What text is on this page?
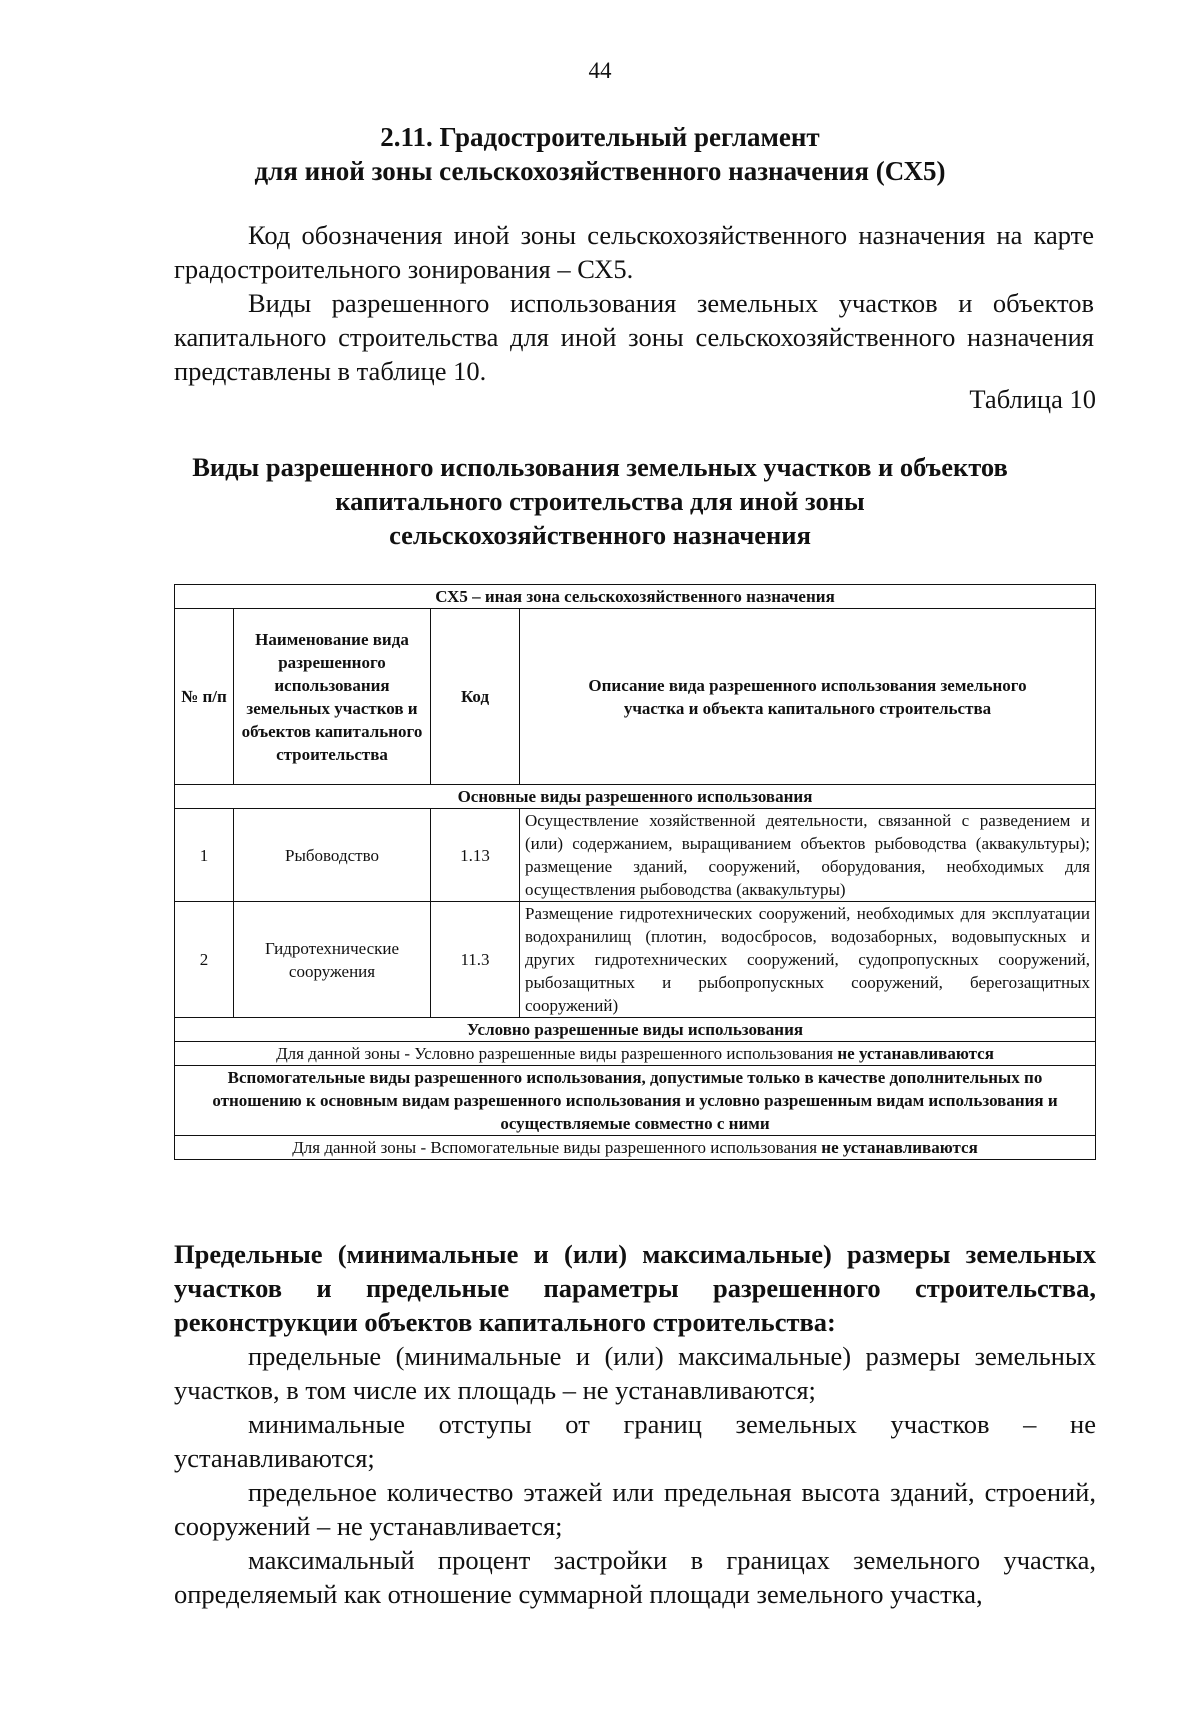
44
2.11. Градостроительный регламент
для иной зоны сельскохозяйственного назначения (СХ5)

Код обозначения иной зоны сельскохозяйственного назначения на карте градостроительного зонирования – СХ5.

Виды разрешенного использования земельных участков и объектов капитального строительства для иной зоны сельскохозяйственного назначения представлены в таблице 10.

Таблица 10
Виды разрешенного использования земельных участков и объектов
капитального строительства для иной зоны
сельскохозяйственного назначения
СХ5 – иная зона сельскохозяйственного назначения			
№ п/п	Наименование вида разрешенного использования земельных участков и объектов капитального строительства	Код	Описание вида разрешенного использования земельного участка и объекта капитального строительства
Основные виды разрешенного использования			
1	Рыбоводство	1.13	Осуществление хозяйственной деятельности, связанной с разведением и (или) содержанием, выращиванием объектов рыбоводства (аквакультуры); размещение зданий, сооружений, оборудования, необходимых для осуществления рыбоводства (аквакультуры)
2	Гидротехнические сооружения	11.3	Размещение гидротехнических сооружений, необходимых для эксплуатации водохранилищ (плотин, водосбросов, водозаборных, водовыпускных и других гидротехнических сооружений, судопропускных сооружений, рыбозащитных и рыбопропускных сооружений, берегозащитных сооружений)
Условно разрешенные виды использования			
Для данной зоны - Условно разрешенные виды разрешенного использования не устанавливаются			
Вспомогательные виды разрешенного использования, допустимые только в качестве дополнительных по отношению к основным видам разрешенного использования и условно разрешенным видам использования и осуществляемые совместно с ними			
Для данной зоны - Вспомогательные виды разрешенного использования не устанавливаются			

Предельные (минимальные и (или) максимальные) размеры земельных участков и предельные параметры разрешенного строительства, реконструкции объектов капитального строительства:

предельные (минимальные и (или) максимальные) размеры земельных участков, в том числе их площадь – не устанавливаются;

минимальные отступы от границ земельных участков – не устанавливаются;

предельное количество этажей или предельная высота зданий, строений, сооружений – не устанавливается;

максимальный процент застройки в границах земельного участка, определяемый как отношение суммарной площади земельного участка,
